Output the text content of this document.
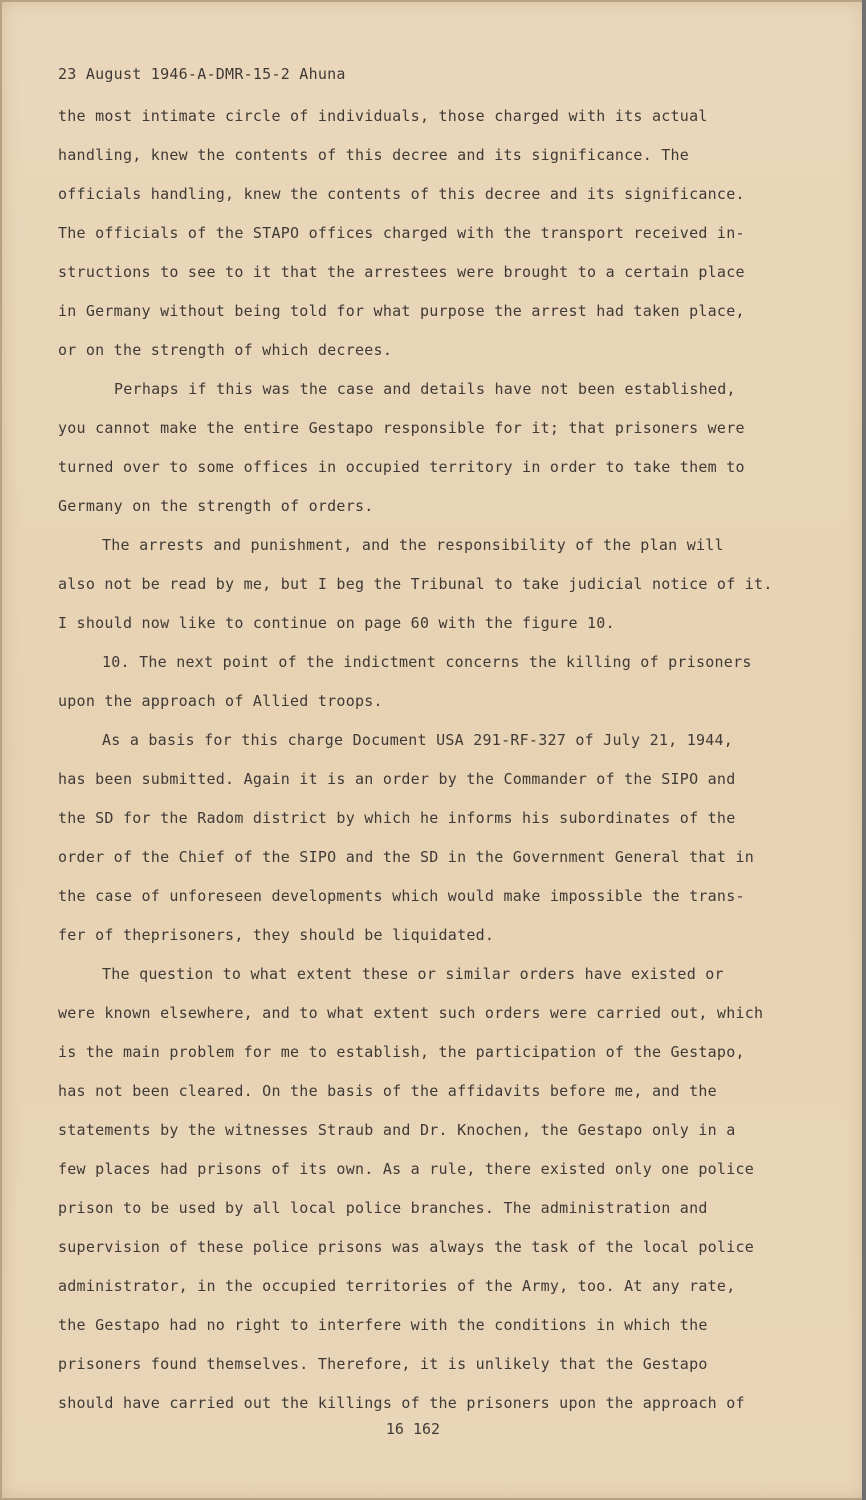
23 August 1946-A-DMR-15-2 Ahuna
the most intimate circle of individuals, those charged with its actual
handling, knew the contents of this decree and its significance. The
officials handling, knew the contents of this decree and its significance.
The officials of the STAPO offices charged with the transport received in-
structions to see to it that the arrestees were brought to a certain place
in Germany without being told for what purpose the arrest had taken place,
or on the strength of which decrees.
Perhaps if this was the case and details have not been established,
you cannot make the entire Gestapo responsible for it; that prisoners were
turned over to some offices in occupied territory in order to take them to
Germany on the strength of orders.
The arrests and punishment, and the responsibility of the plan will
also not be read by me, but I beg the Tribunal to take judicial notice of it.
I should now like to continue on page 60 with the figure 10.
10. The next point of the indictment concerns the killing of prisoners
upon the approach of Allied troops.
As a basis for this charge Document USA 291-RF-327 of July 21, 1944,
has been submitted. Again it is an order by the Commander of the SIPO and
the SD for the Radom district by which he informs his subordinates of the
order of the Chief of the SIPO and the SD in the Government General that in
the case of unforeseen developments which would make impossible the trans-
fer of theprisoners, they should be liquidated.
The question to what extent these or similar orders have existed or
were known elsewhere, and to what extent such orders were carried out, which
is the main problem for me to establish, the participation of the Gestapo,
has not been cleared. On the basis of the affidavits before me, and the
statements by the witnesses Straub and Dr. Knochen, the Gestapo only in a
few places had prisons of its own. As a rule, there existed only one police
prison to be used by all local police branches. The administration and
supervision of these police prisons was always the task of the local police
administrator, in the occupied territories of the Army, too. At any rate,
the Gestapo had no right to interfere with the conditions in which the
prisoners found themselves. Therefore, it is unlikely that the Gestapo
should have carried out the killings of the prisoners upon the approach of
16 162
